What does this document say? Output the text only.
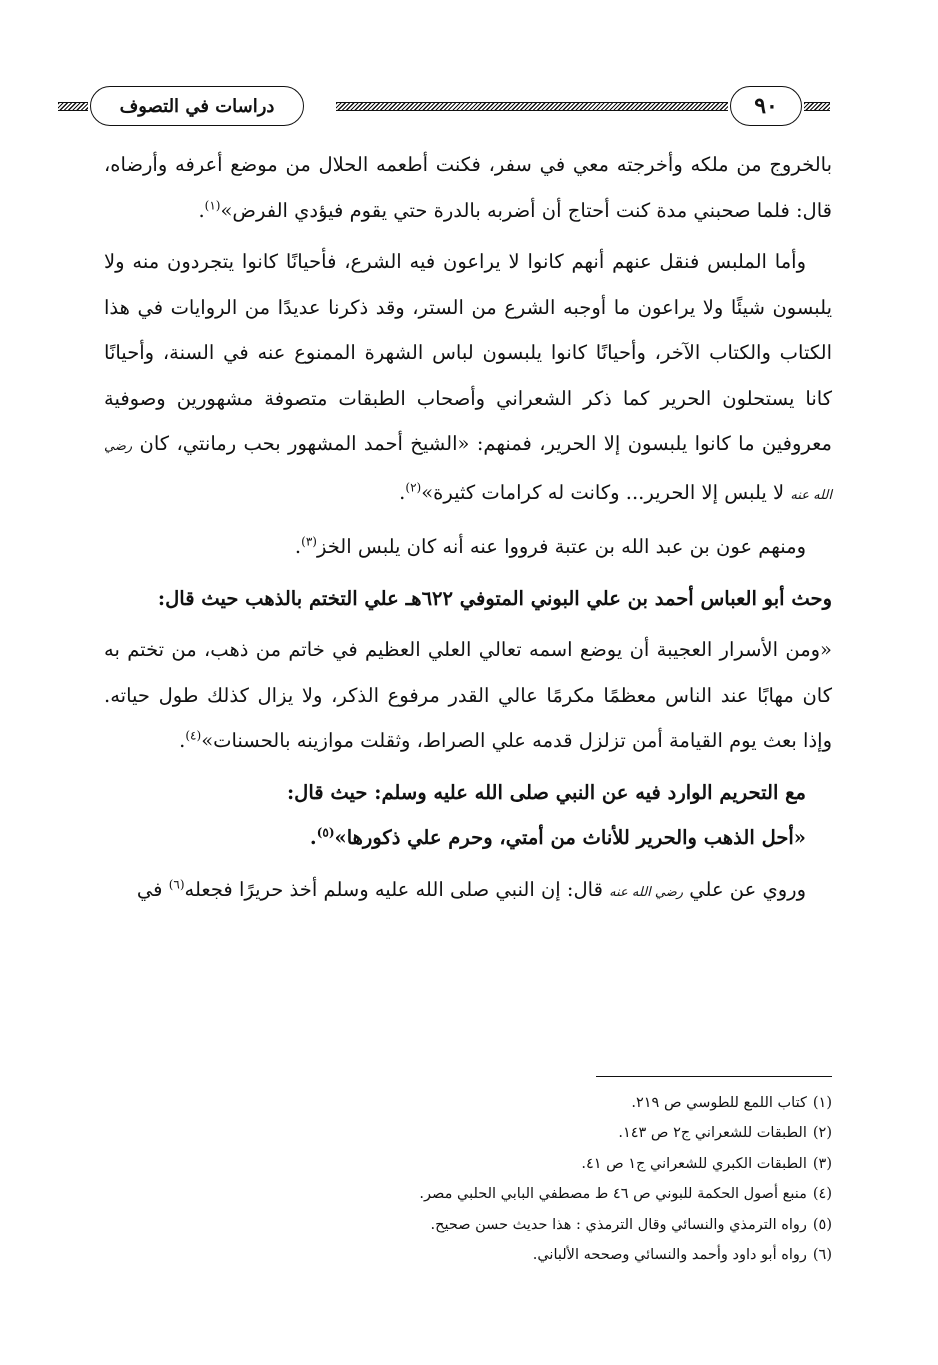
٩٠
دراسات في التصوف

بالخروج من ملكه وأخرجته معي في سفر، فكنت أطعمه الحلال من موضع أعرفه وأرضاه، قال: فلما صحبني مدة كنت أحتاج أن أضربه بالدرة حتي يقوم فيؤدي الفرض»$^{(١)}$.

وأما الملبس فنقل عنهم أنهم كانوا لا يراعون فيه الشرع، فأحيانًا كانوا يتجردون منه ولا يلبسون شيئًا ولا يراعون ما أوجبه الشرع من الستر، وقد ذكرنا عديدًا من الروايات في هذا الكتاب والكتاب الآخر، وأحيانًا كانوا يلبسون لباس الشهرة الممنوع عنه في السنة، وأحيانًا كانا يستحلون الحرير كما ذكر الشعراني وأصحاب الطبقات متصوفة مشهورين وصوفية معروفين ما كانوا يلبسون إلا الحرير، فمنهم: «الشيخ أحمد المشهور بحب رمانتي، كان رضي الله عنه لا يلبس إلا الحرير... وكانت له كرامات كثيرة»$^{(٢)}$.

ومنهم عون بن عبد الله بن عتبة فرووا عنه أنه كان يلبس الخز$^{(٣)}$.

وحث أبو العباس أحمد بن علي البوني المتوفي ٦٢٢هـ علي التختم بالذهب حيث قال:

«ومن الأسرار العجيبة أن يوضع اسمه تعالي العلي العظيم في خاتم من ذهب، من تختم به كان مهابًا عند الناس معظمًا مكرمًا عالي القدر مرفوع الذكر، ولا يزال كذلك طول حياته. وإذا بعث يوم القيامة أمن تزلزل قدمه علي الصراط، وثقلت موازينه بالحسنات»$^{(٤)}$.

مع التحريم الوارد فيه عن النبي صلى الله عليه وسلم: حيث قال:

«أحل الذهب والحرير للأناث من أمتي، وحرم علي ذكورها»$^{(٥)}$.

وروي عن علي رضي الله عنه قال: إن النبي صلى الله عليه وسلم أخذ حريرًا فجعله$^{(٦)}$ في

(١)كتاب اللمع للطوسي ص ٢١٩.

(٢)الطبقات للشعراني ج٢ ص ١٤٣.

(٣)الطبقات الكبري للشعراني ج١ ص ٤١.

(٤)منبع أصول الحكمة للبوني ص ٤٦ ط مصطفي البابي الحلبي مصر.

(٥)رواه الترمذي والنسائي وقال الترمذي : هذا حديث حسن صحيح.

(٦)رواه أبو داود وأحمد والنسائي وصححه الألباني.
